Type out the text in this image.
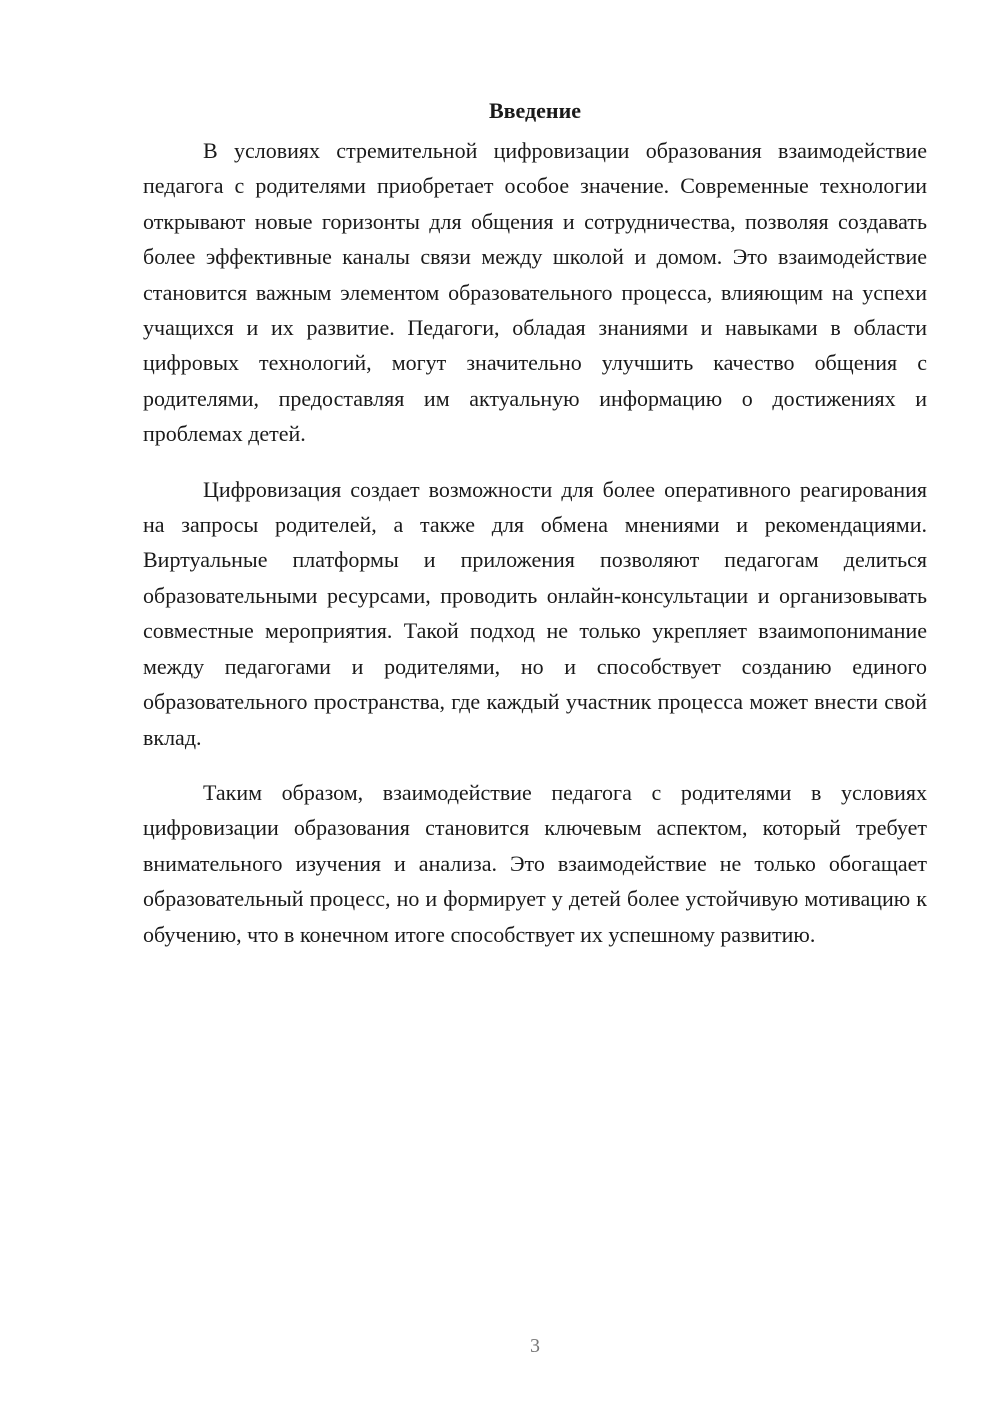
Введение

В условиях стремительной цифровизации образования взаимодействие педагога с родителями приобретает особое значение. Современные технологии открывают новые горизонты для общения и сотрудничества, позволяя создавать более эффективные каналы связи между школой и домом. Это взаимодействие становится важным элементом образовательного процесса, влияющим на успехи учащихся и их развитие. Педагоги, обладая знаниями и навыками в области цифровых технологий, могут значительно улучшить качество общения с родителями, предоставляя им актуальную информацию о достижениях и проблемах детей.

Цифровизация создает возможности для более оперативного реагирования на запросы родителей, а также для обмена мнениями и рекомендациями. Виртуальные платформы и приложения позволяют педагогам делиться образовательными ресурсами, проводить онлайн-консультации и организовывать совместные мероприятия. Такой подход не только укрепляет взаимопонимание между педагогами и родителями, но и способствует созданию единого образовательного пространства, где каждый участник процесса может внести свой вклад.

Таким образом, взаимодействие педагога с родителями в условиях цифровизации образования становится ключевым аспектом, который требует внимательного изучения и анализа. Это взаимодействие не только обогащает образовательный процесс, но и формирует у детей более устойчивую мотивацию к обучению, что в конечном итоге способствует их успешному развитию.

3
